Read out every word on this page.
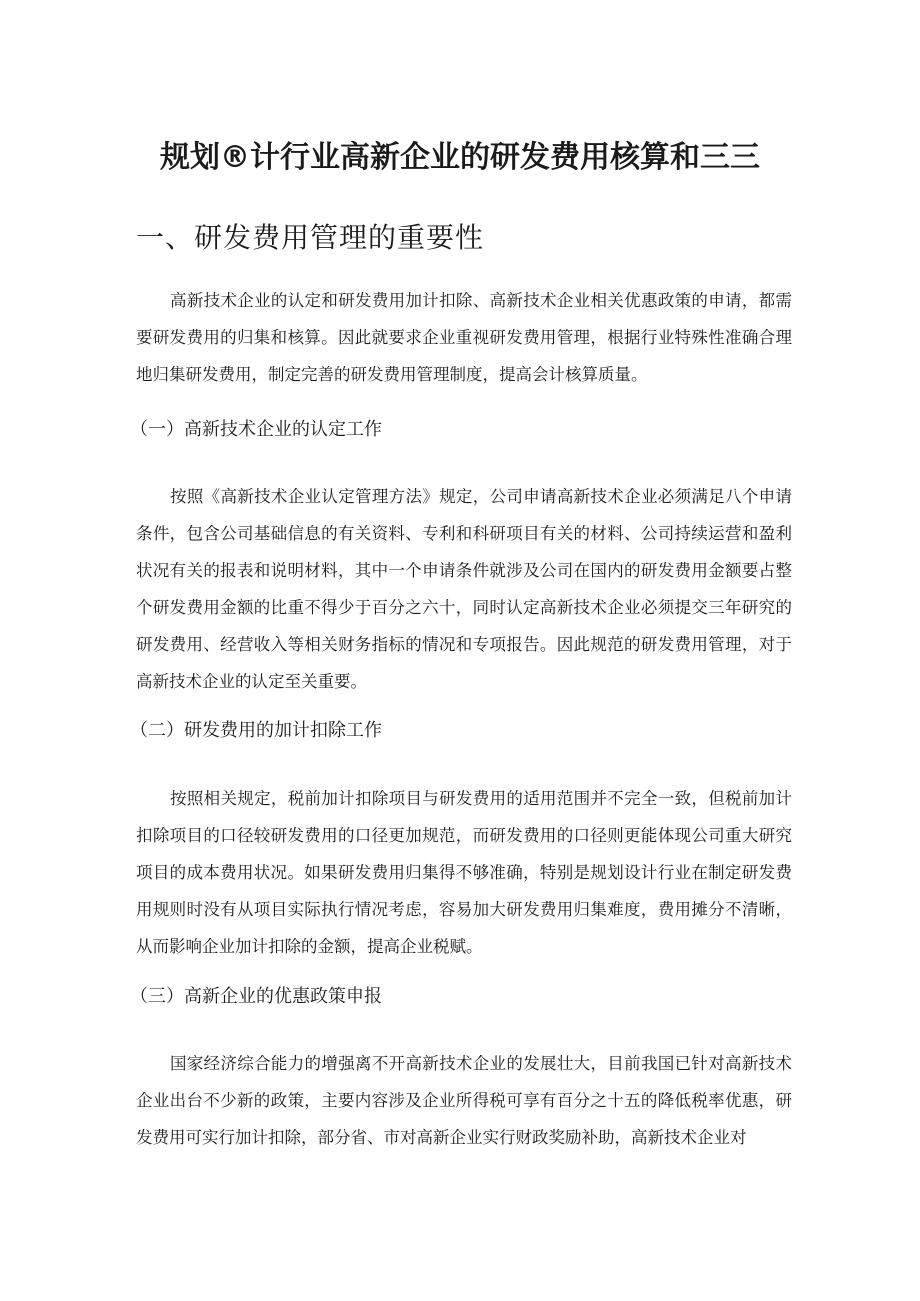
规划®计行业高新企业的研发费用核算和三三
一、研发费用管理的重要性

高新技术企业的认定和研发费用加计扣除、高新技术企业相关优惠政策的申请，都需要研发费用的归集和核算。因此就要求企业重视研发费用管理，根据行业特殊性准确合理地归集研发费用，制定完善的研发费用管理制度，提高会计核算质量。

（一）高新技术企业的认定工作

按照《高新技术企业认定管理方法》规定，公司申请高新技术企业必须满足八个申请条件，包含公司基础信息的有关资料、专利和科研项目有关的材料、公司持续运营和盈利状况有关的报表和说明材料，其中一个申请条件就涉及公司在国内的研发费用金额要占整个研发费用金额的比重不得少于百分之六十，同时认定高新技术企业必须提交三年研究的研发费用、经营收入等相关财务指标的情况和专项报告。因此规范的研发费用管理，对于高新技术企业的认定至关重要。

（二）研发费用的加计扣除工作

按照相关规定，税前加计扣除项目与研发费用的适用范围并不完全一致，但税前加计扣除项目的口径较研发费用的口径更加规范，而研发费用的口径则更能体现公司重大研究项目的成本费用状况。如果研发费用归集得不够准确，特别是规划设计行业在制定研发费用规则时没有从项目实际执行情况考虑，容易加大研发费用归集难度，费用摊分不清晰，从而影响企业加计扣除的金额，提高企业税赋。

（三）高新企业的优惠政策申报

国家经济综合能力的增强离不开高新技术企业的发展壮大，目前我国已针对高新技术企业出台不少新的政策，主要内容涉及企业所得税可享有百分之十五的降低税率优惠，研发费用可实行加计扣除，部分省、市对高新企业实行财政奖励补助，高新技术企业对
